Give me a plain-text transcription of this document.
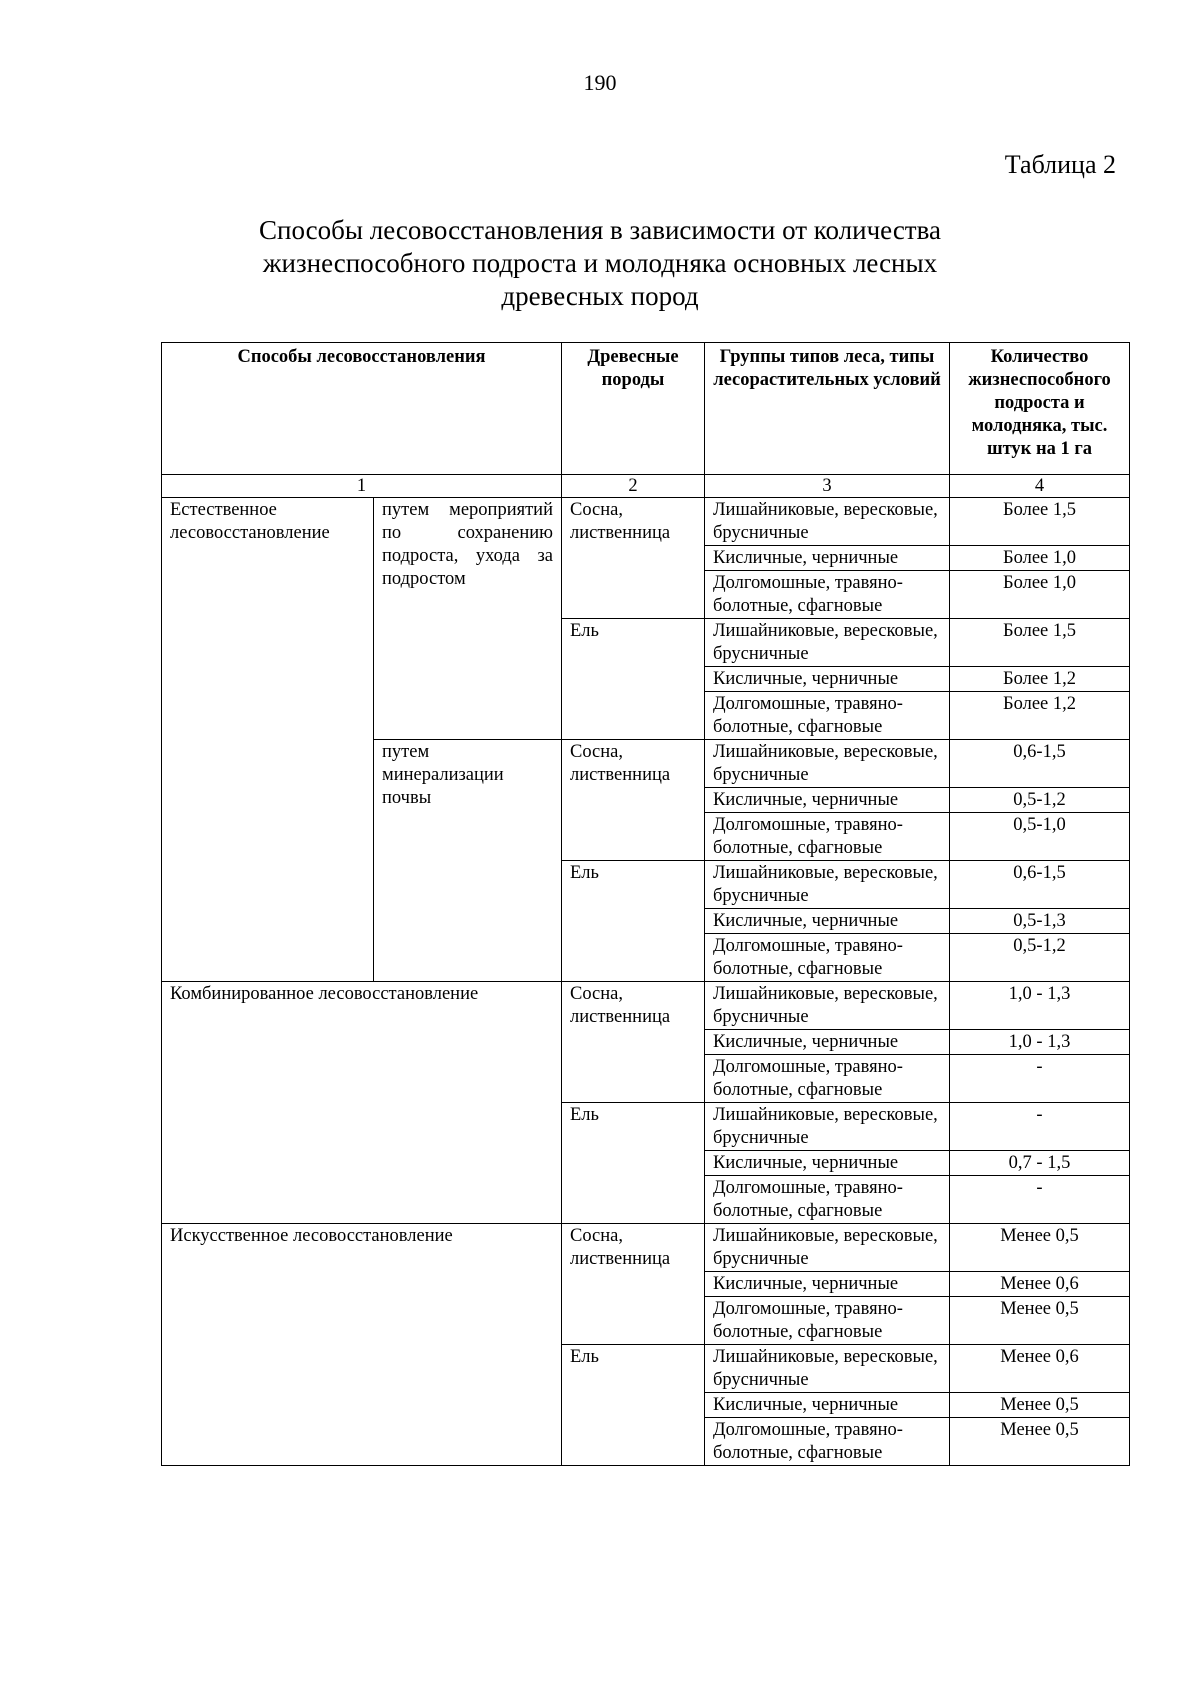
190
Таблица 2
Способы лесовосстановления в зависимости от количества жизнеспособного подроста и молодняка основных лесных древесных пород
Способы лесовосстановления		Древесные породы	Группы типов леса, типы лесорастительных условий	Количество жизнеспособного подроста и молодняка, тыс. штук на 1 га
1		2	3	4
Естественное лесовосстановление	путем мероприятий по сохранению подроста, ухода за подростом	Сосна, лиственница	Лишайниковые, вересковые, брусничные	Более 1,5
			Кисличные, черничные	Более 1,0
			Долгомошные, травяно-болотные, сфагновые	Более 1,0
		Ель	Лишайниковые, вересковые, брусничные	Более 1,5
			Кисличные, черничные	Более 1,2
			Долгомошные, травяно-болотные, сфагновые	Более 1,2
	путем минерализации почвы	Сосна, лиственница	Лишайниковые, вересковые, брусничные	0,6-1,5
			Кисличные, черничные	0,5-1,2
			Долгомошные, травяно-болотные, сфагновые	0,5-1,0
		Ель	Лишайниковые, вересковые, брусничные	0,6-1,5
			Кисличные, черничные	0,5-1,3
			Долгомошные, травяно-болотные, сфагновые	0,5-1,2
Комбинированное лесовосстановление		Сосна, лиственница	Лишайниковые, вересковые, брусничные	1,0 - 1,3
			Кисличные, черничные	1,0 - 1,3
			Долгомошные, травяно-болотные, сфагновые	-
		Ель	Лишайниковые, вересковые, брусничные	-
			Кисличные, черничные	0,7 - 1,5
			Долгомошные, травяно-болотные, сфагновые	-
Искусственное лесовосстановление		Сосна, лиственница	Лишайниковые, вересковые, брусничные	Менее 0,5
			Кисличные, черничные	Менее 0,6
			Долгомошные, травяно-болотные, сфагновые	Менее 0,5
		Ель	Лишайниковые, вересковые, брусничные	Менее 0,6
			Кисличные, черничные	Менее 0,5
			Долгомошные, травяно-болотные, сфагновые	Менее 0,5
